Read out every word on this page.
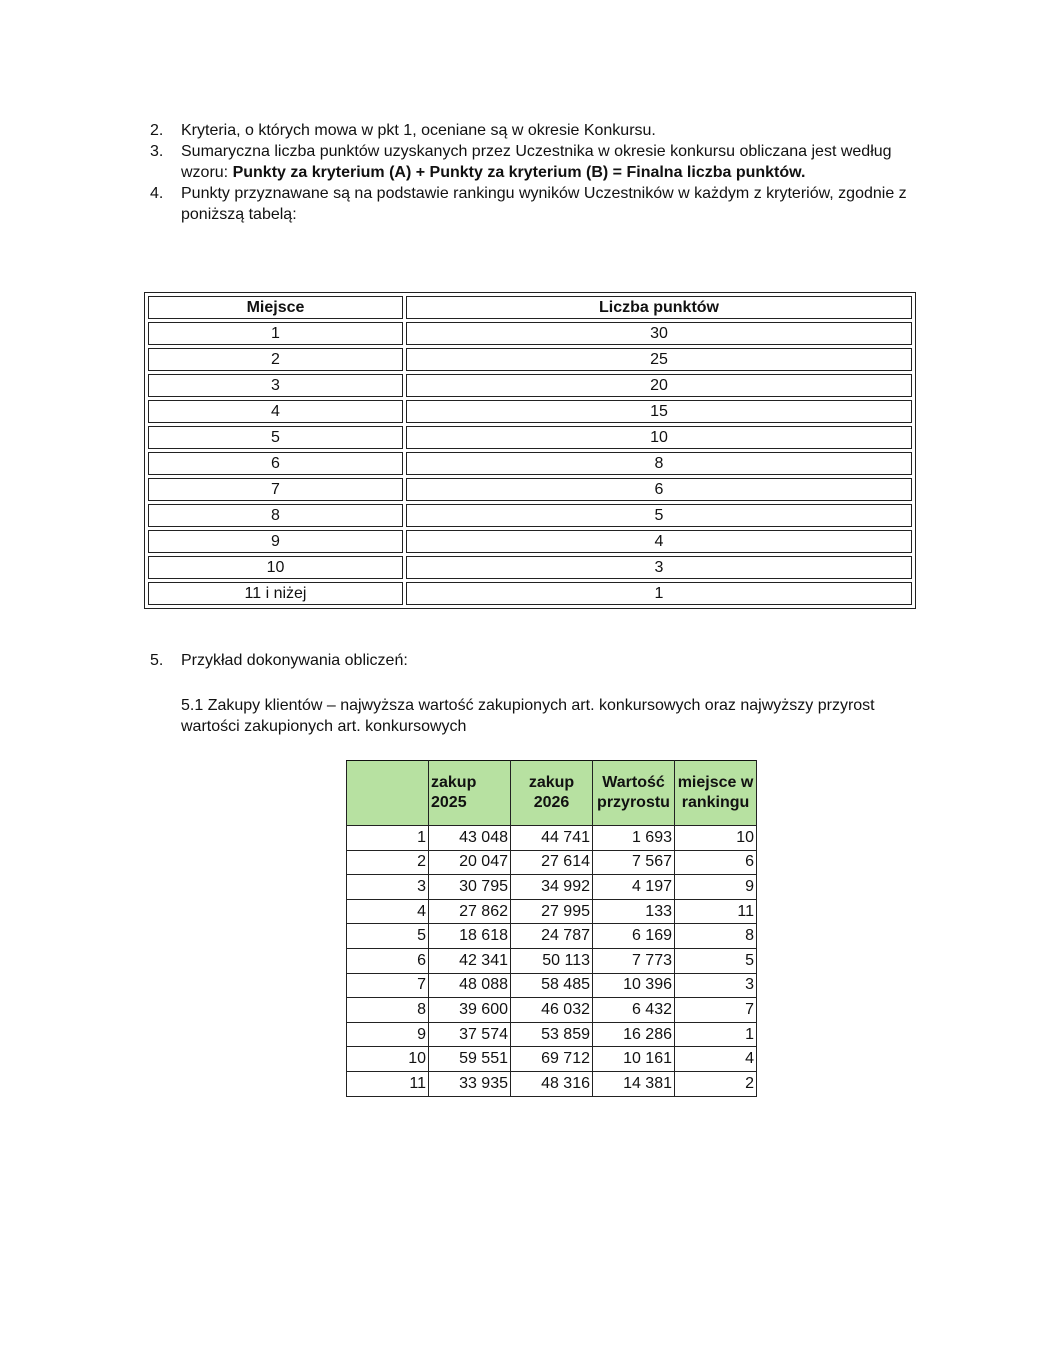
2. Kryteria, o których mowa w pkt 1, oceniane są w okresie Konkursu.

3. Sumaryczna liczba punktów uzyskanych przez Uczestnika w okresie konkursu obliczana jest według wzoru: Punkty za kryterium (A) + Punkty za kryterium (B) = Finalna liczba punktów.

4. Punkty przyznawane są na podstawie rankingu wyników Uczestników w każdym z kryteriów, zgodnie z poniższą tabelą:

Miejsce	Liczba punktów
1	30
2	25
3	20
4	15
5	10
6	8
7	6
8	5
9	4
10	3
11 i niżej	1
5. Przykład dokonywania obliczeń:
5.1 Zakupy klientów – najwyższa wartość zakupionych art. konkursowych oraz najwyższy przyrost wartości zakupionych art. konkursowych
	zakup 2025	zakup 2026	Wartość przyrostu	miejsce w rankingu
1	43 048	44 741	1 693	10
2	20 047	27 614	7 567	6
3	30 795	34 992	4 197	9
4	27 862	27 995	133	11
5	18 618	24 787	6 169	8
6	42 341	50 113	7 773	5
7	48 088	58 485	10 396	3
8	39 600	46 032	6 432	7
9	37 574	53 859	16 286	1
10	59 551	69 712	10 161	4
11	33 935	48 316	14 381	2
